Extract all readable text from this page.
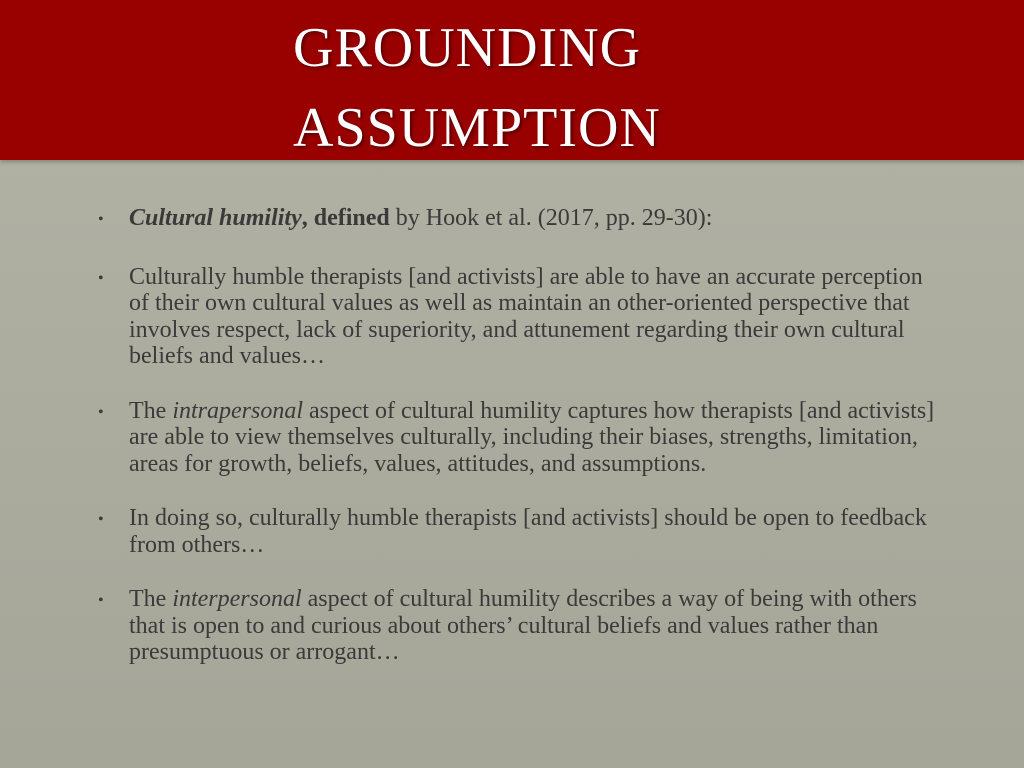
grounding
assumption

• Cultural humility, defined by Hook et al. (2017, pp. 29-30):

• Culturally humble therapists [and activists] are able to have an accurate perception of their own cultural values as well as maintain an other-oriented perspective that involves respect, lack of superiority, and attunement regarding their own cultural beliefs and values…

• The intrapersonal aspect of cultural humility captures how therapists [and activists] are able to view themselves culturally, including their biases, strengths, limitation, areas for growth, beliefs, values, attitudes, and assumptions.

• In doing so, culturally humble therapists [and activists] should be open to feedback from others…

• The interpersonal aspect of cultural humility describes a way of being with others that is open to and curious about others’ cultural beliefs and values rather than presumptuous or arrogant…
